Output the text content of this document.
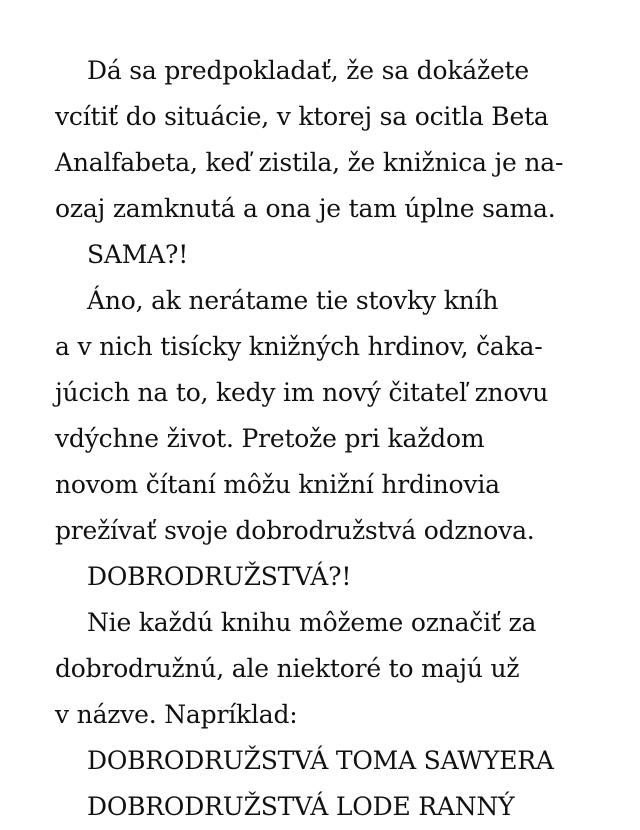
Dá sa predpokladať, že sa dokážete
vcítiť do situácie, v ktorej sa ocitla Beta
Analfabeta, keď zistila, že knižnica je na-
ozaj zamknutá a ona je tam úplne sama.
SAMA?!
Áno, ak nerátame tie stovky kníh
a v nich tisícky knižných hrdinov, čaka-
júcich na to, kedy im nový čitateľ znovu
vdýchne život. Pretože pri každom
novom čítaní môžu knižní hrdinovia
prežívať svoje dobrodružstvá odznova.
DOBRODRUŽSTVÁ?!
Nie každú knihu môžeme označiť za
dobrodružnú, ale niektoré to majú už
v názve. Napríklad:
DOBRODRUŽSTVÁ TOMA SAWYERA
DOBRODRUŽSTVÁ LODE RANNÝ
